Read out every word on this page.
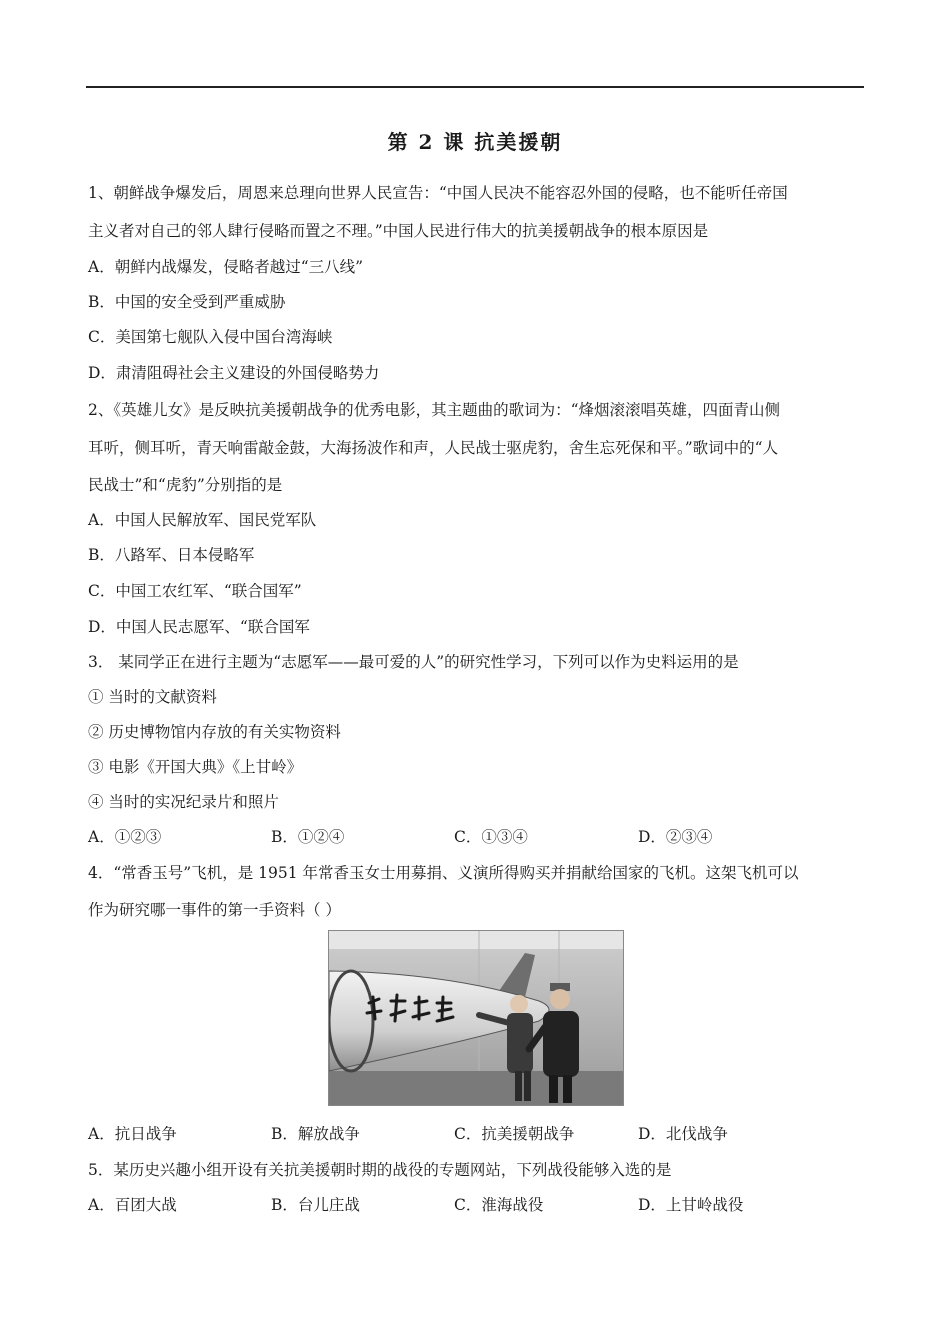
第 2 课 抗美援朝
1、朝鲜战争爆发后，周恩来总理向世界人民宣告：“中国人民决不能容忍外国的侵略，也不能听任帝国
主义者对自己的邻人肆行侵略而置之不理。”中国人民进行伟大的抗美援朝战争的根本原因是
A．朝鲜内战爆发，侵略者越过“三八线”
B．中国的安全受到严重威胁
C．美国第七舰队入侵中国台湾海峡
D．肃清阻碍社会主义建设的外国侵略势力
2、《英雄儿女》是反映抗美援朝战争的优秀电影，其主题曲的歌词为：“烽烟滚滚唱英雄，四面青山侧
耳听，侧耳听，青天响雷敲金鼓，大海扬波作和声，人民战士驱虎豹，舍生忘死保和平。”歌词中的“人
民战士”和“虎豹”分别指的是
A．中国人民解放军、国民党军队
B．八路军、日本侵略军
C．中国工农红军、“联合国军”
D．中国人民志愿军、“联合国军
3． 某同学正在进行主题为“志愿军——最可爱的人”的研究性学习，下列可以作为史料运用的是
① 当时的文献资料
② 历史博物馆内存放的有关实物资料
③ 电影《开国大典》《上甘岭》
④ 当时的实况纪录片和照片
A．①②③	B．①②④	C．①③④	D．②③④
4．“常香玉号”飞机，是 1951 年常香玉女士用募捐、义演所得购买并捐献给国家的飞机。这架飞机可以
作为研究哪一事件的第一手资料（ ）
A．抗日战争	B．解放战争	C．抗美援朝战争	D．北伐战争
5．某历史兴趣小组开设有关抗美援朝时期的战役的专题网站，下列战役能够入选的是
A．百团大战	B．台儿庄战	C．淮海战役	D．上甘岭战役
